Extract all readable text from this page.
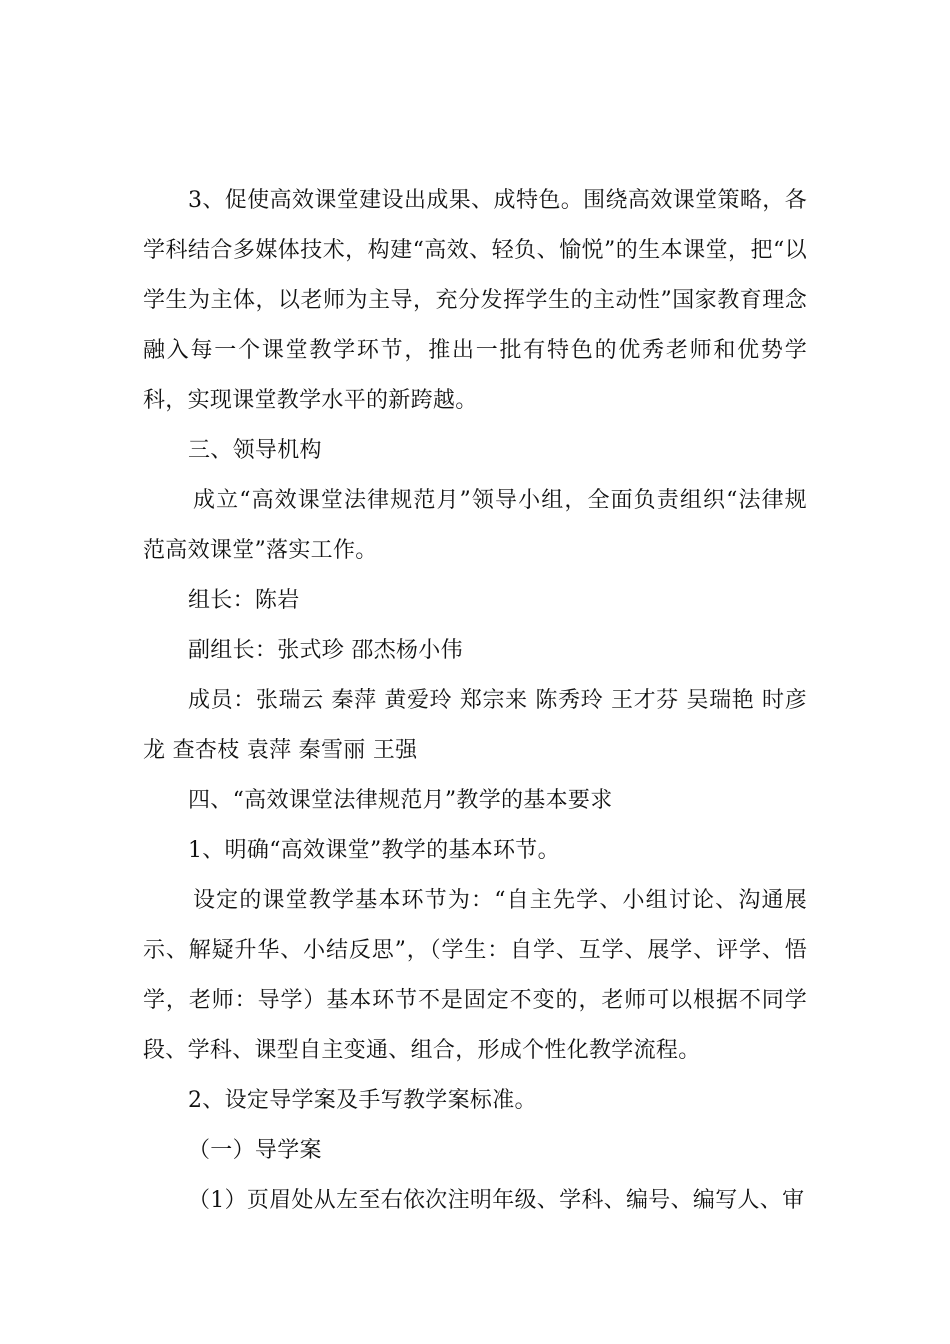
3、促使高效课堂建设出成果、成特色。围绕高效课堂策略，各学科结合多媒体技术，构建“高效、轻负、愉悦”的生本课堂，把“以学生为主体，以老师为主导，充分发挥学生的主动性”国家教育理念融入每一个课堂教学环节，推出一批有特色的优秀老师和优势学科，实现课堂教学水平的新跨越。

三、领导机构

成立“高效课堂法律规范月”领导小组，全面负责组织“法律规范高效课堂”落实工作。

组长：陈岩

副组长：张式珍 邵杰杨小伟

成员：张瑞云 秦萍 黄爱玲 郑宗来 陈秀玲 王才芬 吴瑞艳 时彦龙 查杏枝 袁萍 秦雪丽 王强

四、“高效课堂法律规范月”教学的基本要求

1、明确“高效课堂”教学的基本环节。

设定的课堂教学基本环节为：“自主先学、小组讨论、沟通展示、解疑升华、小结反思”，（学生：自学、互学、展学、评学、悟学，老师：导学）基本环节不是固定不变的，老师可以根据不同学段、学科、课型自主变通、组合，形成个性化教学流程。

2、设定导学案及手写教学案标准。

（一）导学案

（1）页眉处从左至右依次注明年级、学科、编号、编写人、审
